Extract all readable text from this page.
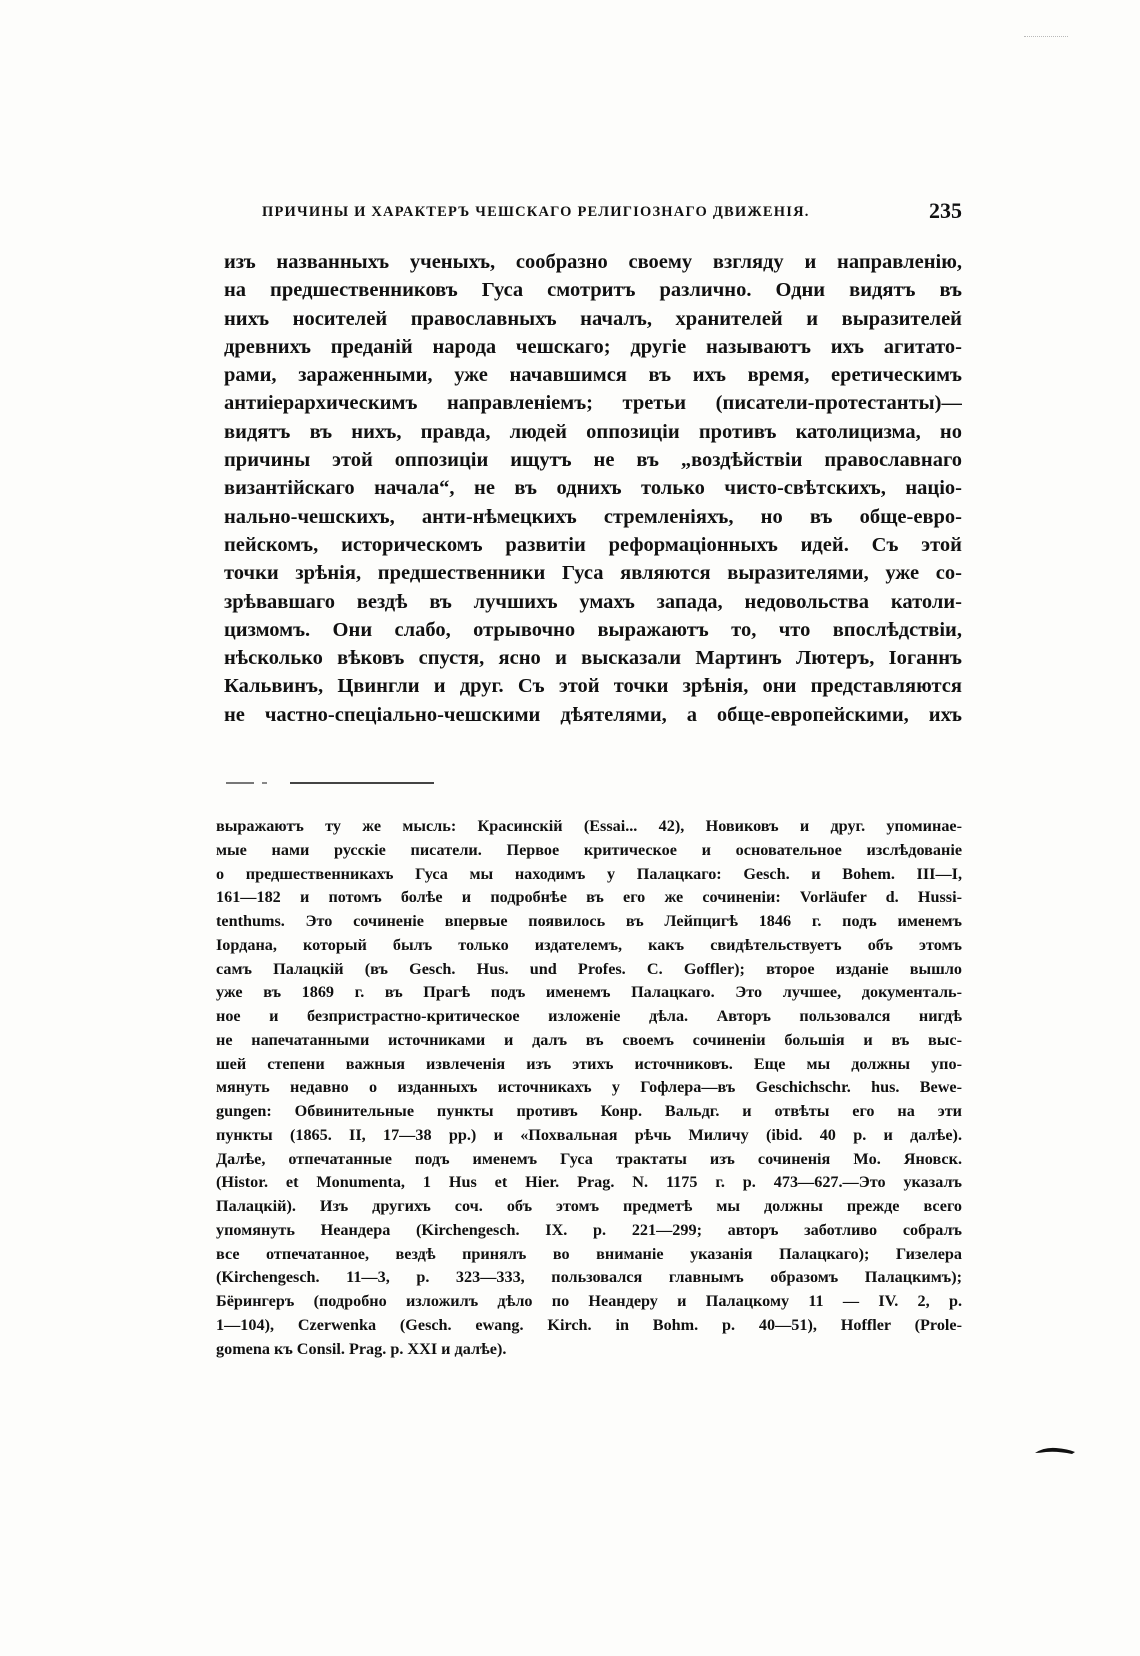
ПРИЧИНЫ И ХАРАКТЕРЪ ЧЕШСКАГО РЕЛИГІОЗНАГО ДВИЖЕНІЯ.	235
изъ названныхъ ученыхъ, сообразно своему взгляду и направленію,
на предшественниковъ Гуса смотритъ различно. Одни видятъ въ
нихъ носителей православныхъ началъ, хранителей и выразителей
древнихъ преданій народа чешскаго; другіе называютъ ихъ агитато-
рами, зараженными, уже начавшимся въ ихъ время, еретическимъ
антиіерархическимъ направленіемъ; третьи (писатели-протестанты)—
видятъ въ нихъ, правда, людей оппозиціи противъ католицизма, но
причины этой оппозиціи ищутъ не въ „воздѣйствіи православнаго
византійскаго начала“, не въ однихъ только чисто-свѣтскихъ, націо-
нально-чешскихъ, анти-нѣмецкихъ стремленіяхъ, но въ обще-евро-
пейскомъ, историческомъ развитіи реформаціонныхъ идей. Съ этой
точки зрѣнія, предшественники Гуса являются выразителями, уже со-
зрѣвавшаго вездѣ въ лучшихъ умахъ запада, недовольства католи-
цизмомъ. Они слабо, отрывочно выражаютъ то, что впослѣдствіи,
нѣсколько вѣковъ спустя, ясно и высказали Мартинъ Лютеръ, Іоганнъ
Кальвинъ, Цвингли и друг. Съ этой точки зрѣнія, они представляются
не частно-спеціально-чешскими дѣятелями, а обще-европейскими, ихъ
выражаютъ ту же мысль: Красинскій (Essai... 42), Новиковъ и друг. упоминае-
мые нами русскіе писатели. Первое критическое и основательное изслѣдованіе
о предшественникахъ Гуса мы находимъ у Палацкаго: Gesch. и Bohem. III—I,
161—182 и потомъ болѣе и подробнѣе въ его же сочиненіи: Vorläufer d. Hussi-
tenthums. Это сочиненіе впервые появилось въ Лейпцигѣ 1846 г. подъ именемъ
Іордана, который былъ только издателемъ, какъ свидѣтельствуетъ объ этомъ
самъ Палацкій (въ Gesch. Hus. und Profes. C. Goffler); второе изданіе вышло
уже въ 1869 г. въ Прагѣ подъ именемъ Палацкаго. Это лучшее, документаль-
ное и безпристрастно-критическое изложеніе дѣла. Авторъ пользовался нигдѣ
не напечатанными источниками и далъ въ своемъ сочиненіи большія и въ выс-
шей степени важныя извлеченія изъ этихъ источниковъ. Еще мы должны упо-
мянуть недавно о изданныхъ источникахъ у Гофлера—въ Geschichschr. hus. Bewe-
gungen: Обвинительные пункты противъ Конр. Вальдг. и отвѣты его на эти
пункты (1865. II, 17—38 pp.) и «Похвальная рѣчь Миличу (ibid. 40 p. и далѣе).
Далѣе, отпечатанные подъ именемъ Гуса трактаты изъ сочиненія Mo. Яновск.
(Histor. et Monumenta, 1 Hus et Hier. Prag. N. 1175 г. p. 473—627.—Это указалъ
Палацкій). Изъ другихъ соч. объ этомъ предметѣ мы должны прежде всего
упомянуть Неандера (Kirchengesch. IX. p. 221—299; авторъ заботливо собралъ
все отпечатанное, вездѣ принялъ во вниманіе указанія Палацкаго); Гизелера
(Kirchengesch. 11—3, p. 323—333, пользовался главнымъ образомъ Палацкимъ);
Бёрингеръ (подробно изложилъ дѣло по Неандеру и Палацкому 11 — IV. 2, p.
1—104), Czerwenka (Gesch. ewang. Kirch. in Bohm. p. 40—51), Hoffler (Prole-
gomena къ Consil. Prag. p. XXI и далѣе).
